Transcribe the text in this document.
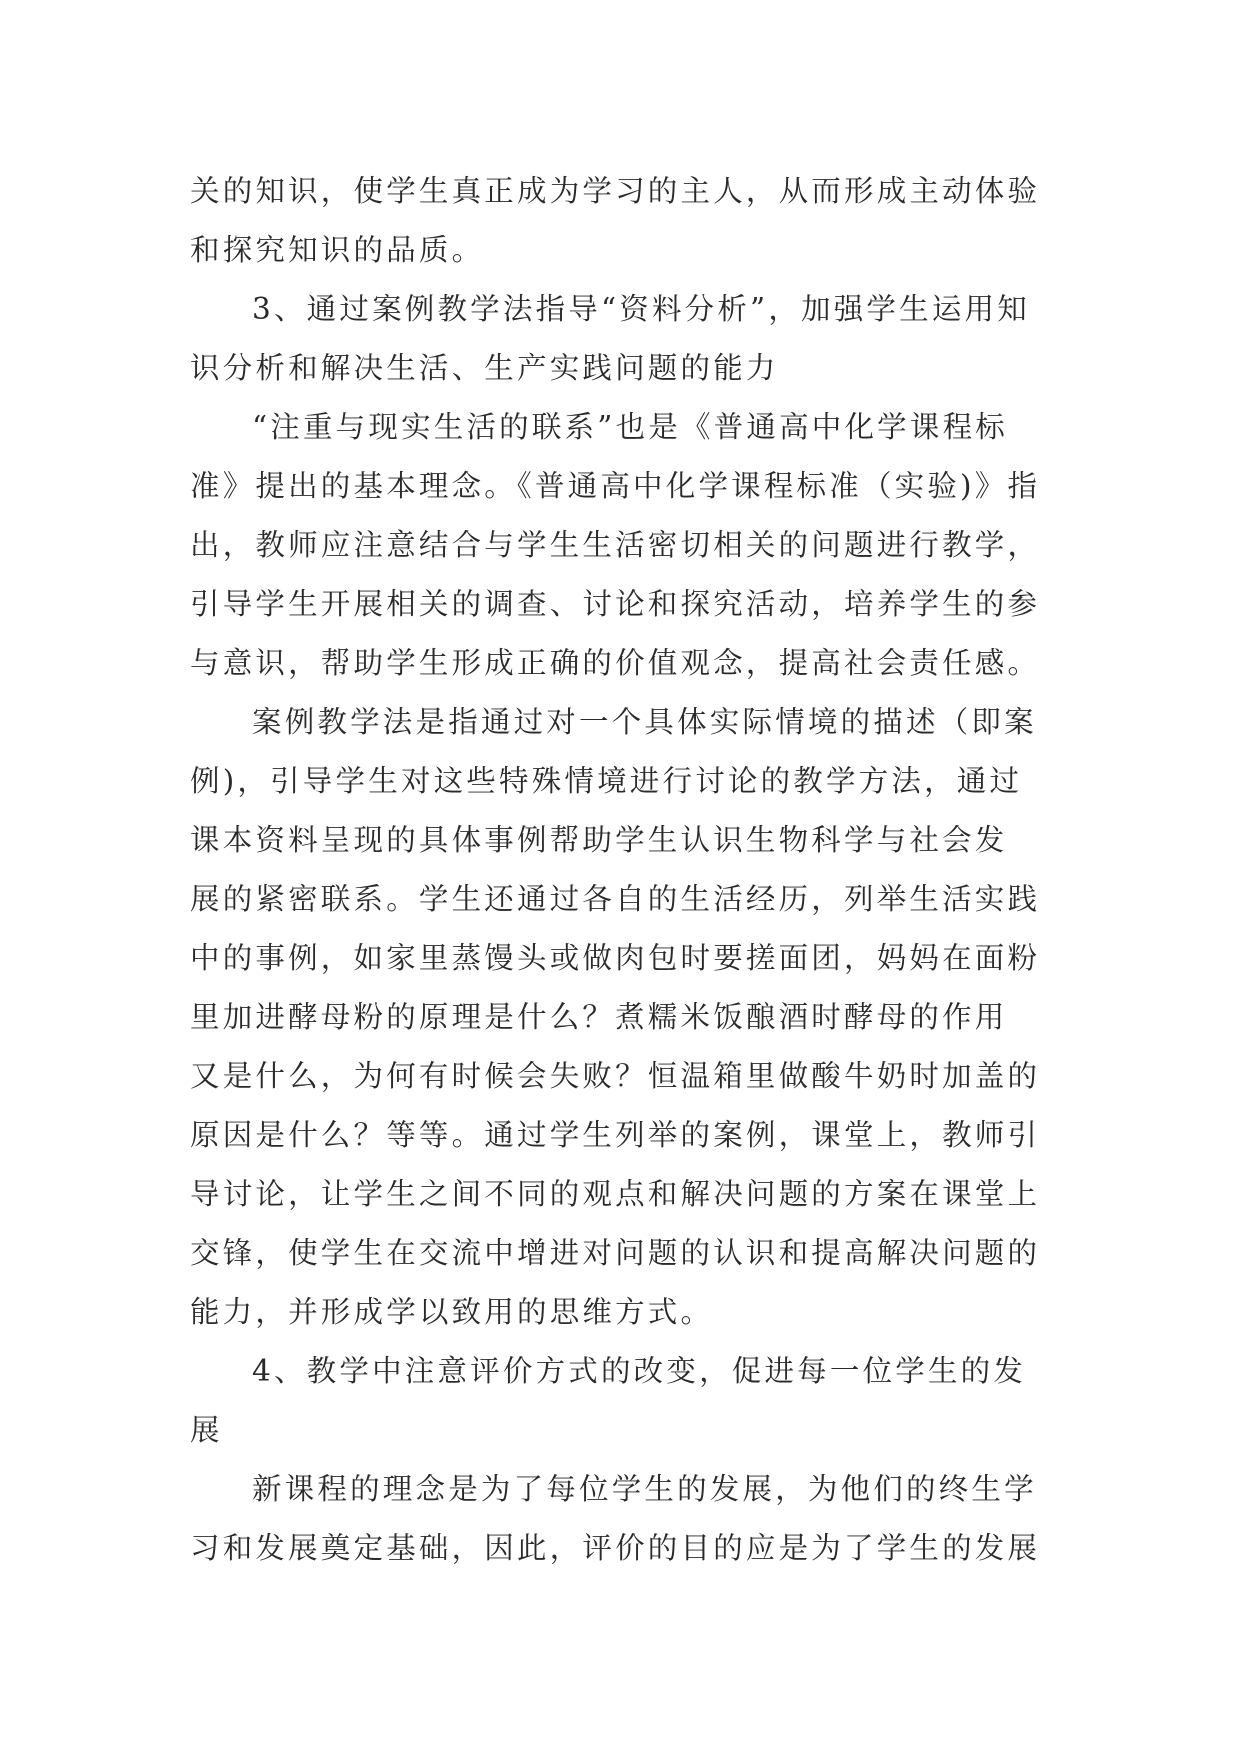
关的知识，使学生真正成为学习的主人，从而形成主动体验
和探究知识的品质。
3、通过案例教学法指导“资料分析”，加强学生运用知
识分析和解决生活、生产实践问题的能力
“注重与现实生活的联系”也是《普通高中化学课程标
准》提出的基本理念。《普通高中化学课程标准（实验)》指
出，教师应注意结合与学生生活密切相关的问题进行教学，
引导学生开展相关的调查、讨论和探究活动，培养学生的参
与意识，帮助学生形成正确的价值观念，提高社会责任感。
案例教学法是指通过对一个具体实际情境的描述（即案
例)，引导学生对这些特殊情境进行讨论的教学方法，通过
课本资料呈现的具体事例帮助学生认识生物科学与社会发
展的紧密联系。学生还通过各自的生活经历，列举生活实践
中的事例，如家里蒸馒头或做肉包时要搓面团，妈妈在面粉
里加进酵母粉的原理是什么？煮糯米饭酿酒时酵母的作用
又是什么，为何有时候会失败？恒温箱里做酸牛奶时加盖的
原因是什么？等等。通过学生列举的案例，课堂上，教师引
导讨论，让学生之间不同的观点和解决问题的方案在课堂上
交锋，使学生在交流中增进对问题的认识和提高解决问题的
能力，并形成学以致用的思维方式。
4、教学中注意评价方式的改变，促进每一位学生的发
展
新课程的理念是为了每位学生的发展，为他们的终生学
习和发展奠定基础，因此，评价的目的应是为了学生的发展
